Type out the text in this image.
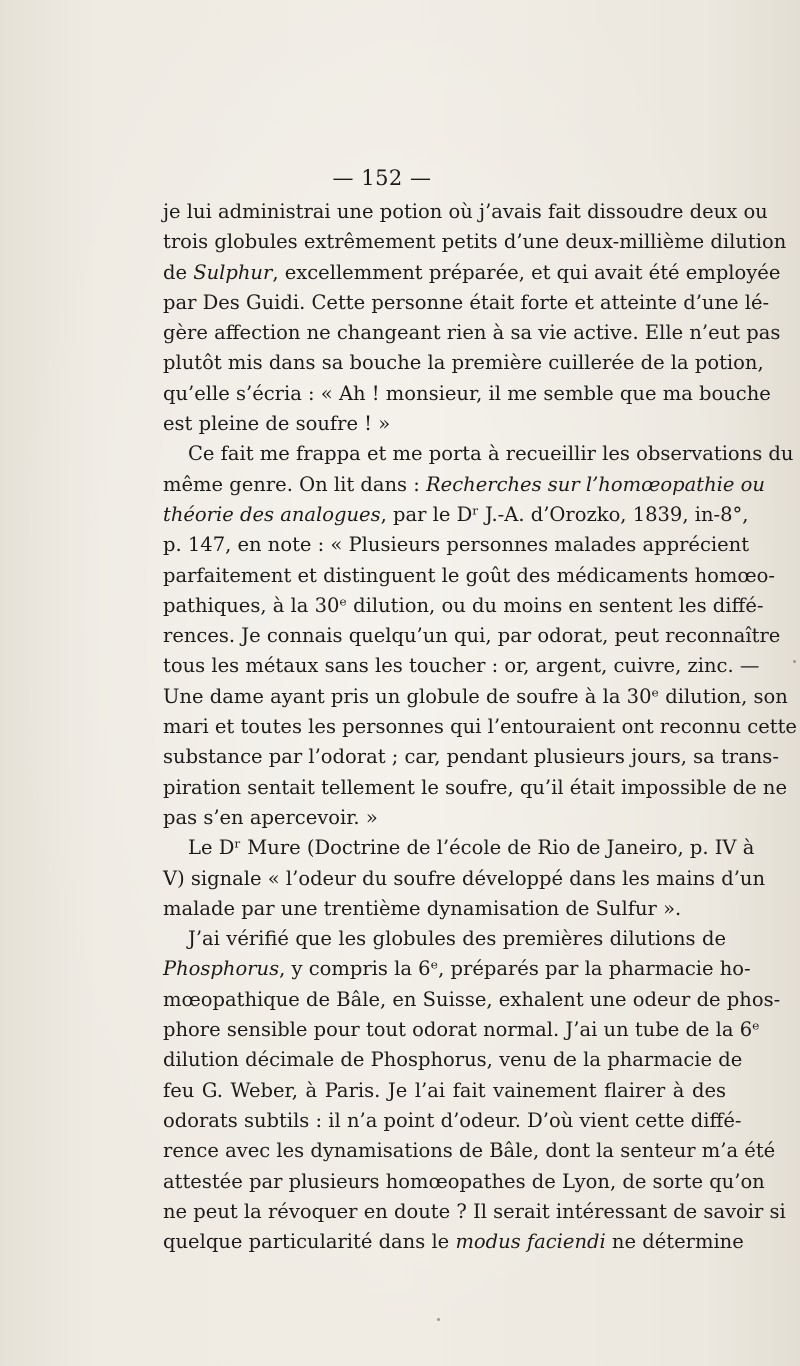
— 152 —
je lui administrai une potion où j’avais fait dissoudre deux ou
trois globules extrêmement petits d’une deux-millième dilution
de Sulphur, excellemment préparée, et qui avait été employée
par Des Guidi. Cette personne était forte et atteinte d’une lé-
gère affection ne changeant rien à sa vie active. Elle n’eut pas
plutôt mis dans sa bouche la première cuillerée de la potion,
qu’elle s’écria : « Ah ! monsieur, il me semble que ma bouche
est pleine de soufre ! »
Ce fait me frappa et me porta à recueillir les observations du
même genre. On lit dans : Recherches sur l’homœopathie ou
théorie des analogues, par le Dʳ J.-A. d’Orozko, 1839, in-8°,
p. 147, en note : « Plusieurs personnes malades apprécient
parfaitement et distinguent le goût des médicaments homœo-
pathiques, à la 30ᵉ dilution, ou du moins en sentent les diffé-
rences. Je connais quelqu’un qui, par odorat, peut reconnaître
tous les métaux sans les toucher : or, argent, cuivre, zinc. —
Une dame ayant pris un globule de soufre à la 30ᵉ dilution, son
mari et toutes les personnes qui l’entouraient ont reconnu cette
substance par l’odorat ; car, pendant plusieurs jours, sa trans-
piration sentait tellement le soufre, qu’il était impossible de ne
pas s’en apercevoir. »
Le Dʳ Mure (Doctrine de l’école de Rio de Janeiro, p. IV à
V) signale « l’odeur du soufre développé dans les mains d’un
malade par une trentième dynamisation de Sulfur ».
J’ai vérifié que les globules des premières dilutions de
Phosphorus, y compris la 6ᵉ, préparés par la pharmacie ho-
mœopathique de Bâle, en Suisse, exhalent une odeur de phos-
phore sensible pour tout odorat normal. J’ai un tube de la 6ᵉ
dilution décimale de Phosphorus, venu de la pharmacie de
feu G. Weber, à Paris. Je l’ai fait vainement flairer à des
odorats subtils : il n’a point d’odeur. D’où vient cette diffé-
rence avec les dynamisations de Bâle, dont la senteur m’a été
attestée par plusieurs homœopathes de Lyon, de sorte qu’on
ne peut la révoquer en doute ? Il serait intéressant de savoir si
quelque particularité dans le modus faciendi ne détermine
